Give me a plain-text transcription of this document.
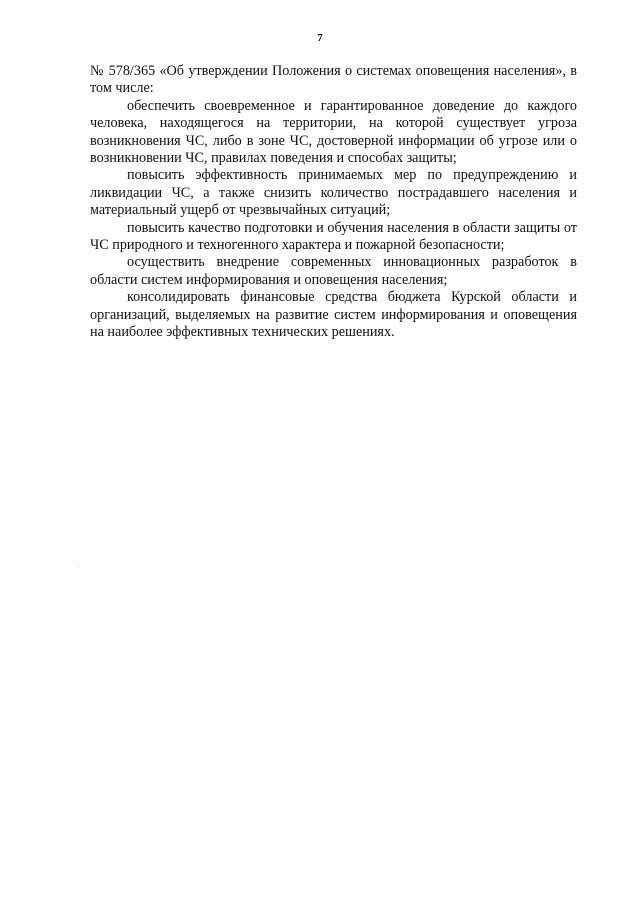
7

№ 578/365 «Об утверждении Положения о системах оповещения населения», в том числе:

обеспечить своевременное и гарантированное доведение до каждого человека, находящегося на территории, на которой существует угроза возникновения ЧС, либо в зоне ЧС, достоверной информации об угрозе или о возникновении ЧС, правилах поведения и способах защиты;

повысить эффективность принимаемых мер по предупреждению и ликвидации ЧС, а также снизить количество пострадавшего населения и материальный ущерб от чрезвычайных ситуаций;

повысить качество подготовки и обучения населения в области защиты от ЧС природного и техногенного характера и пожарной безопасности;

осуществить внедрение современных инновационных разработок в области систем информирования и оповещения населения;

консолидировать финансовые средства бюджета Курской области и организаций, выделяемых на развитие систем информирования и оповещения на наиболее эффективных технических решениях.
